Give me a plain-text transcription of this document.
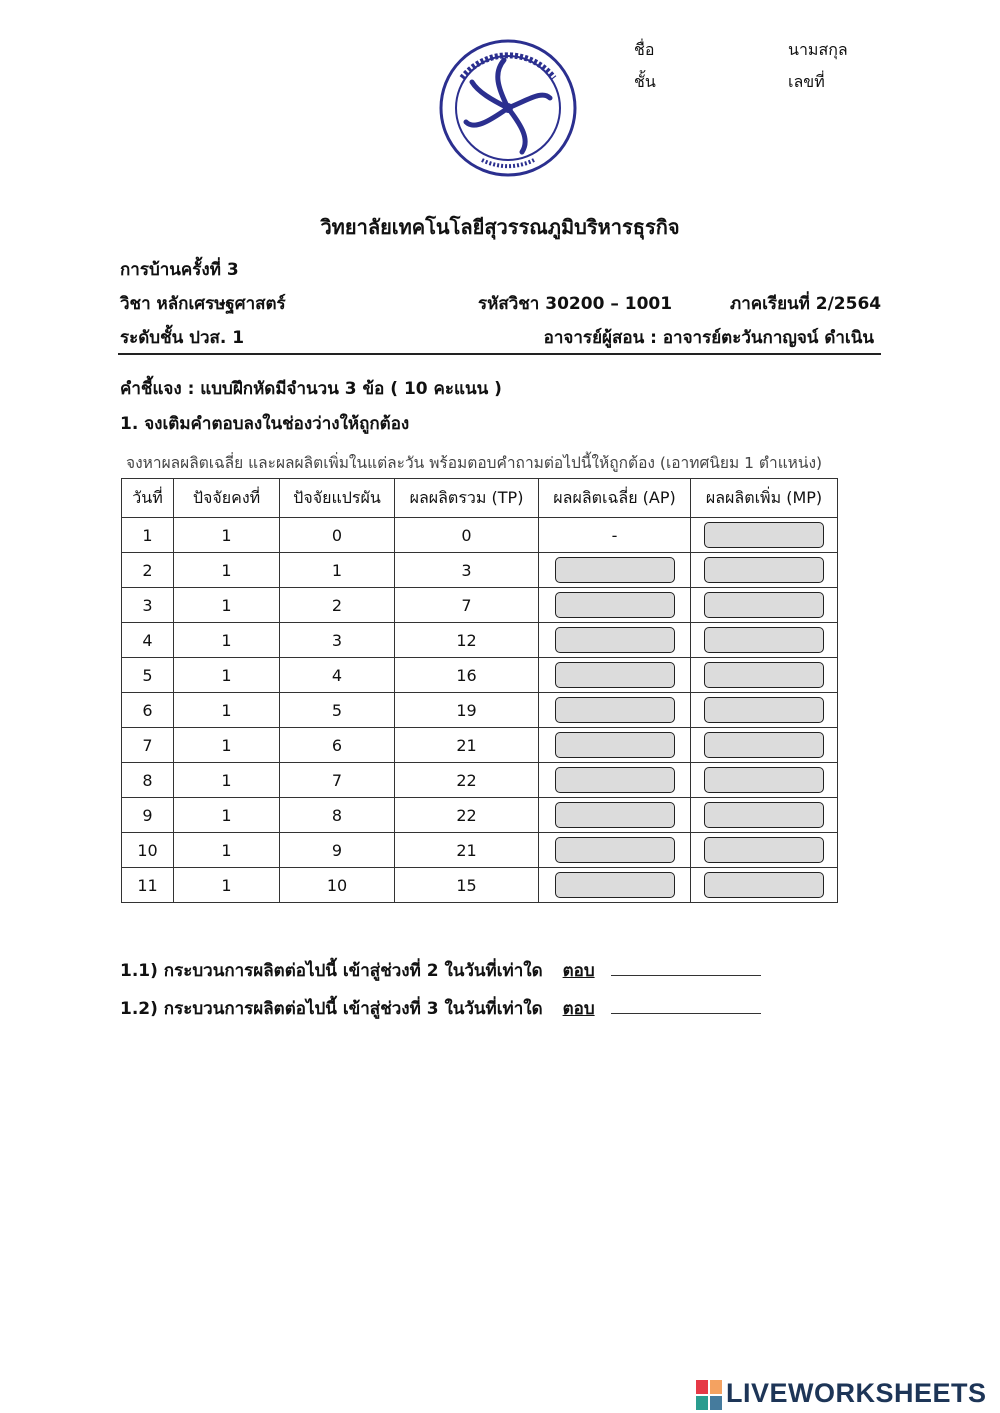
ชื่อ	นามสกุล
ชั้น	เลขที่
วิทยาลัยเทคโนโลยีสุวรรณภูมิบริหารธุรกิจ
การบ้านครั้งที่ 3
วิชา หลักเศรษฐศาสตร์	รหัสวิชา 30200 – 1001	ภาคเรียนที่ 2/2564
ระดับชั้น ปวส. 1	อาจารย์ผู้สอน : อาจารย์ตะวันกาญจน์ ดำเนิน
คำชี้แจง : แบบฝึกหัดมีจำนวน 3 ข้อ ( 10 คะแนน )
1. จงเติมคำตอบลงในช่องว่างให้ถูกต้อง
จงหาผลผลิตเฉลี่ย และผลผลิตเพิ่มในแต่ละวัน พร้อมตอบคำถามต่อไปนี้ให้ถูกต้อง (เอาทศนิยม 1 ตำแหน่ง)
วันที่	ปัจจัยคงที่	ปัจจัยแปรผัน	ผลผลิตรวม (TP)	ผลผลิตเฉลี่ย (AP)	ผลผลิตเพิ่ม (MP)
1	1	0	0	-	
2	1	1	3		
3	1	2	7		
4	1	3	12		
5	1	4	16		
6	1	5	19		
7	1	6	21		
8	1	7	22		
9	1	8	22		
10	1	9	21		
11	1	10	15		
1.1) กระบวนการผลิตต่อไปนี้ เข้าสู่ช่วงที่ 2 ในวันที่เท่าใด ตอบ
1.2) กระบวนการผลิตต่อไปนี้ เข้าสู่ช่วงที่ 3 ในวันที่เท่าใด ตอบ
LIVEWORKSHEETS
